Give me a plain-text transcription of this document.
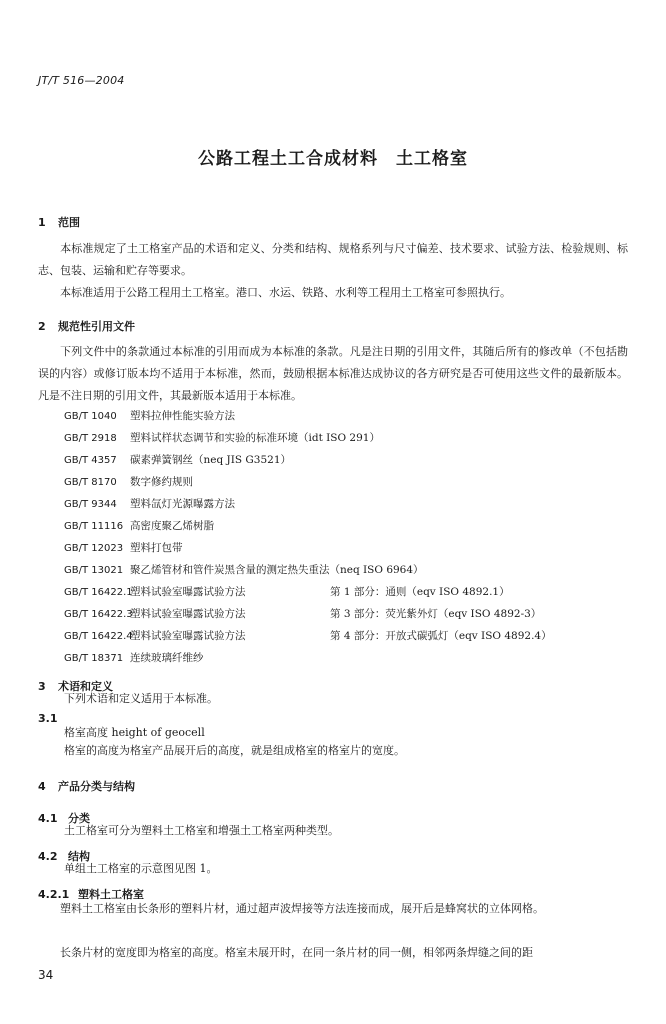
JT/T 516—2004
公路工程土工合成材料　土工格室
1 范围
本标准规定了土工格室产品的术语和定义、分类和结构、规格系列与尺寸偏差、技术要求、试验方法、检验规则、标志、包装、运输和贮存等要求。
本标准适用于公路工程用土工格室。港口、水运、铁路、水利等工程用土工格室可参照执行。
2 规范性引用文件
下列文件中的条款通过本标准的引用而成为本标准的条款。凡是注日期的引用文件，其随后所有的修改单（不包括勘误的内容）或修订版本均不适用于本标准，然而，鼓励根据本标准达成协议的各方研究是否可使用这些文件的最新版本。凡是不注日期的引用文件，其最新版本适用于本标准。
GB/T 1040 塑料拉伸性能实验方法
GB/T 2918 塑料试样状态调节和实验的标准环境（idt ISO 291）
GB/T 4357 碳素弹簧钢丝（neq JIS G3521）
GB/T 8170 数字修约规则
GB/T 9344 塑料氙灯光源曝露方法
GB/T 11116 高密度聚乙烯树脂
GB/T 12023 塑料打包带
GB/T 13021 聚乙烯管材和管件炭黑含量的测定热失重法（neq ISO 6964）
GB/T 16422.1塑料试验室曝露试验方法	第 1 部分：通则（eqv ISO 4892.1）
GB/T 16422.3塑料试验室曝露试验方法	第 3 部分：荧光紫外灯（eqv ISO 4892-3）
GB/T 16422.4塑料试验室曝露试验方法	第 4 部分：开放式碳弧灯（eqv ISO 4892.4）
GB/T 18371 连续玻璃纤维纱
3 术语和定义
下列术语和定义适用于本标准。
3.1
格室高度 height of geocell
格室的高度为格室产品展开后的高度，就是组成格室的格室片的宽度。
4 产品分类与结构
4.1 分类
土工格室可分为塑料土工格室和增强土工格室两种类型。
4.2 结构
单组土工格室的示意图见图 1。
4.2.1 塑料土工格室
塑料土工格室由长条形的塑料片材，通过超声波焊接等方法连接而成，展开后是蜂窝状的立体网格。
长条片材的宽度即为格室的高度。格室未展开时，在同一条片材的同一侧，相邻两条焊缝之间的距
34
